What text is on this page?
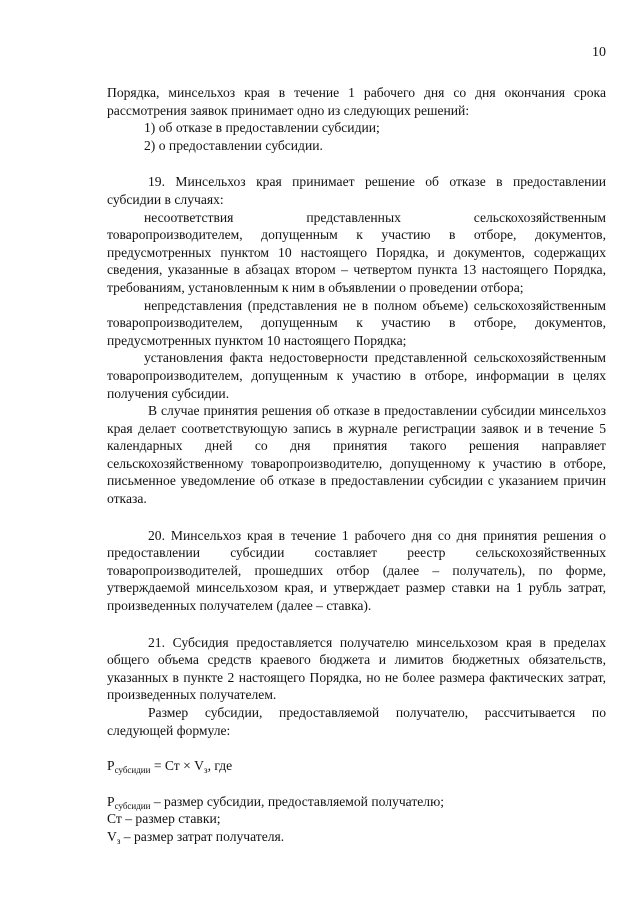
10

Порядка, минсельхоз края в течение 1 рабочего дня со дня окончания срока рассмотрения заявок принимает одно из следующих решений:

1) об отказе в предоставлении субсидии;

2) о предоставлении субсидии.

19. Минсельхоз края принимает решение об отказе в предоставлении субсидии в случаях:

несоответствия представленных сельскохозяйственным товаропроизводителем, допущенным к участию в отборе, документов, предусмотренных пунктом 10 настоящего Порядка, и документов, содержащих сведения, указанные в абзацах втором – четвертом пункта 13 настоящего Порядка, требованиям, установленным к ним в объявлении о проведении отбора;

непредставления (представления не в полном объеме) сельскохозяйственным товаропроизводителем, допущенным к участию в отборе, документов, предусмотренных пунктом 10 настоящего Порядка;

установления факта недостоверности представленной сельскохозяйственным товаропроизводителем, допущенным к участию в отборе, информации в целях получения субсидии.

В случае принятия решения об отказе в предоставлении субсидии минсельхоз края делает соответствующую запись в журнале регистрации заявок и в течение 5 календарных дней со дня принятия такого решения направляет сельскохозяйственному товаропроизводителю, допущенному к участию в отборе, письменное уведомление об отказе в предоставлении субсидии с указанием причин отказа.

20. Минсельхоз края в течение 1 рабочего дня со дня принятия решения о предоставлении субсидии составляет реестр сельскохозяйственных товаропроизводителей, прошедших отбор (далее – получатель), по форме, утверждаемой минсельхозом края, и утверждает размер ставки на 1 рубль затрат, произведенных получателем (далее – ставка).

21. Субсидия предоставляется получателю минсельхозом края в пределах общего объема средств краевого бюджета и лимитов бюджетных обязательств, указанных в пункте 2 настоящего Порядка, но не более размера фактических затрат, произведенных получателем.

Размер субсидии, предоставляемой получателю, рассчитывается по следующей формуле:

$P_{субсидии}$ = Ст × $V_з$, где

$P_{субсидии}$ – размер субсидии, предоставляемой получателю;

Ст – размер ставки;

$V_з$ – размер затрат получателя.
